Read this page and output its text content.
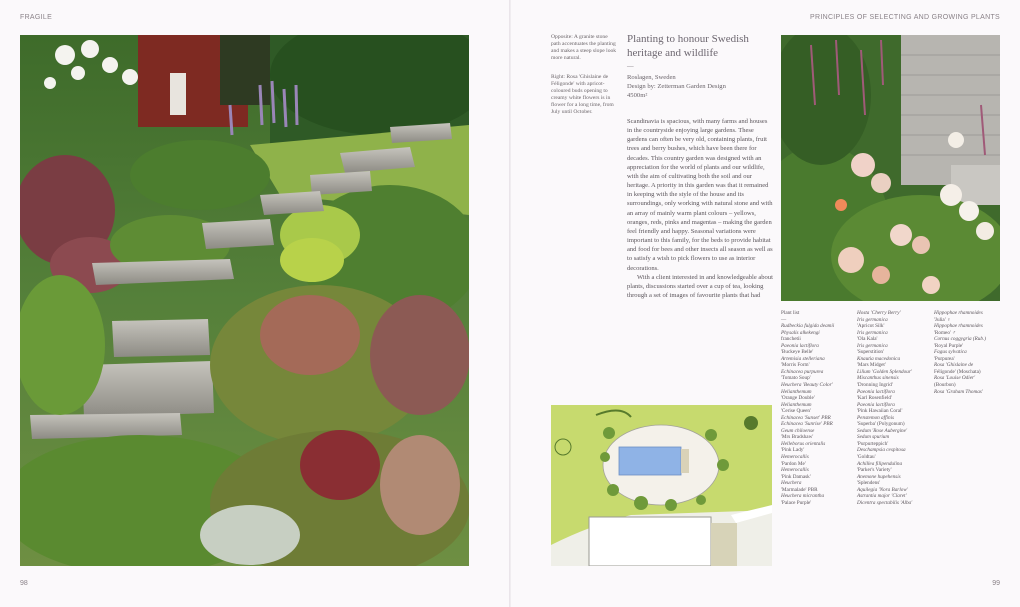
FRAGILE	PRINCIPLES OF SELECTING AND GROWING PLANTS
98
Opposite: A granite stone path accentuates the planting and makes a steep slope look more natural.
Right: Rosa 'Ghislaine de Féligonde' with apricot-coloured buds opening to creamy white flowers is in flower for a long time, from July until October.
Planting to honour Swedish
heritage and wildlife
—
Roslagen, Sweden
Design by: Zetterman Garden Design
4500m²

Scandinavia is spacious, with many farms and houses in the countryside enjoying large gardens. These gardens can often be very old, containing plants, fruit trees and berry bushes, which have been there for decades. This country garden was designed with an appreciation for the world of plants and our wildlife, with the aim of cultivating both the soil and our heritage. A priority in this garden was that it remained in keeping with the style of the house and its surroundings, only working with natural stone and with an array of mainly warm plant colours – yellows, oranges, reds, pinks and magentas – making the garden feel friendly and happy. Seasonal variations were important to this family, for the beds to provide habitat and food for bees and other insects all season as well as to satisfy a wish to pick flowers to use as interior decorations.

With a client interested in and knowledgeable about plants, discussions started over a cup of tea, looking through a set of images of favourite plants that had

Plant list
—
Rudbeckia fulgida deamii
Physalis alkekengi
franchetii
Paeonia lactiflora
'Buckeye Belle'
Artemisia stelleriana
'Morris Form'
Echinacea purpurea
'Tomato Soup'
Heuchera 'Beauty Color'
Helianthemum
'Orange Double'
Helianthemum
'Cerise Queen'
Echinacea 'Sunset' PBR
Echinacea 'Sunrise' PBR
Geum chiloense
'Mrs Bradshaw'
Helleborus orientalis
'Pink Lady'
Hemerocallis
'Pardon Me'
Hemerocallis
'Pink Damask'
Heuchera
'Marmalade' PBR
Heuchera micrantha
'Palace Purple'
Hosta 'Cherry Berry'
Iris germanica
'Apricot Silk'
Iris germanica
'Ola Kala'
Iris germanica
'Superstition'
Knautia macedonica
'Mars Midget'
Lilium 'Golden Splendour'
Miscanthus sinensis
'Dronning Ingrid'
Paeonia lactiflora
'Karl Rosenfield'
Paeonia lactiflora
'Pink Hawaiian Coral'
Penstemon affinis
'Superba' (Polygonum)
Sedum 'Rose Aubergine'
Sedum spurium
'Purpurteppich'
Deschampsia cespitosa
'Goldtau'
Achillea filipendulina
'Parker's Variety'
Anemone hupehensis
'Splendens'
Aquilegia 'Nora Barlow'
Astrantia major 'Claret'
Dicentra spectabilis 'Alba'
Hippophae rhamnoides
'Julia' ♀
Hippophae rhamnoides
'Romeo' ♂
Cornus coggygria (Rub.)
'Royal Purple'
Fagus sylvatica
'Purpurea'
Rosa 'Ghislaine de
Féligonde' (Moschata)
Rosa 'Louise Odier'
(Bourbon)
Rosa 'Graham Thomas'
99
